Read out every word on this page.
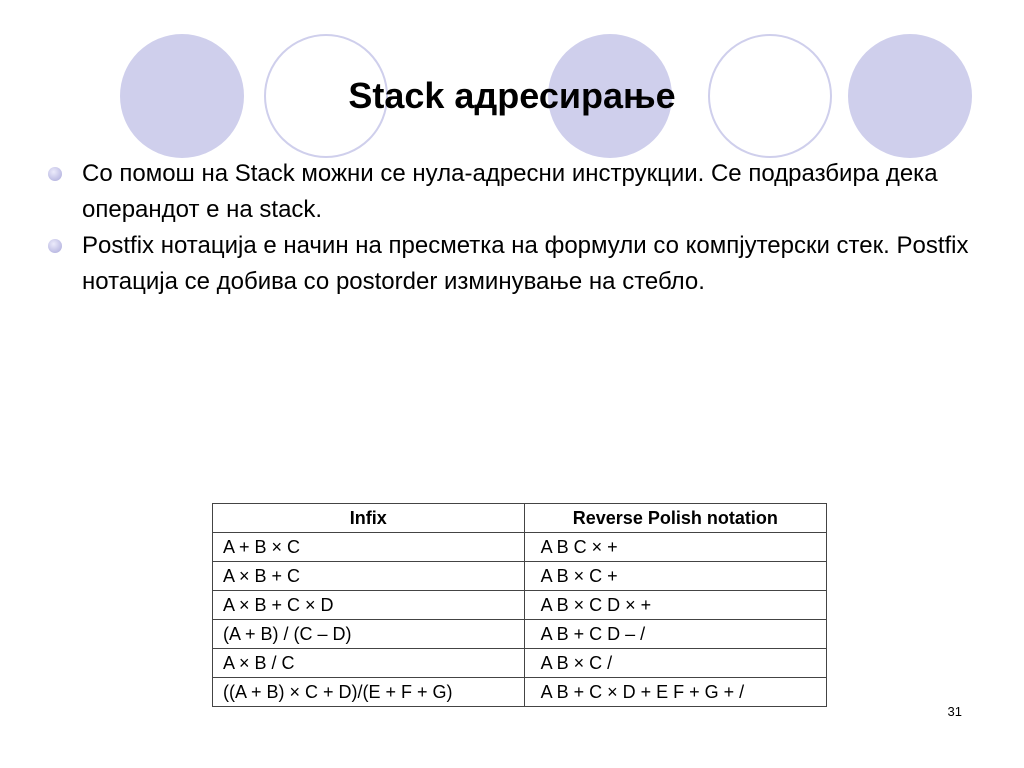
Stack адресирање
Со помош на Stack можни се нула-адресни инструкции. Се подразбира дека операндот е на stack.
Postfix нотација е начин на пресметка на формули со компјутерски стек. Postfix нотација се добива со postorder изминување на стебло.
Infix	Reverse Polish notation
A + B × C	A B C × +
A × B + C	A B × C +
A × B + C × D	A B × C D × +
(A + B) / (C – D)	A B + C D – /
A × B / C	A B × C /
((A + B) × C + D)/(E + F + G)	A B + C × D + E F + G + /
31
